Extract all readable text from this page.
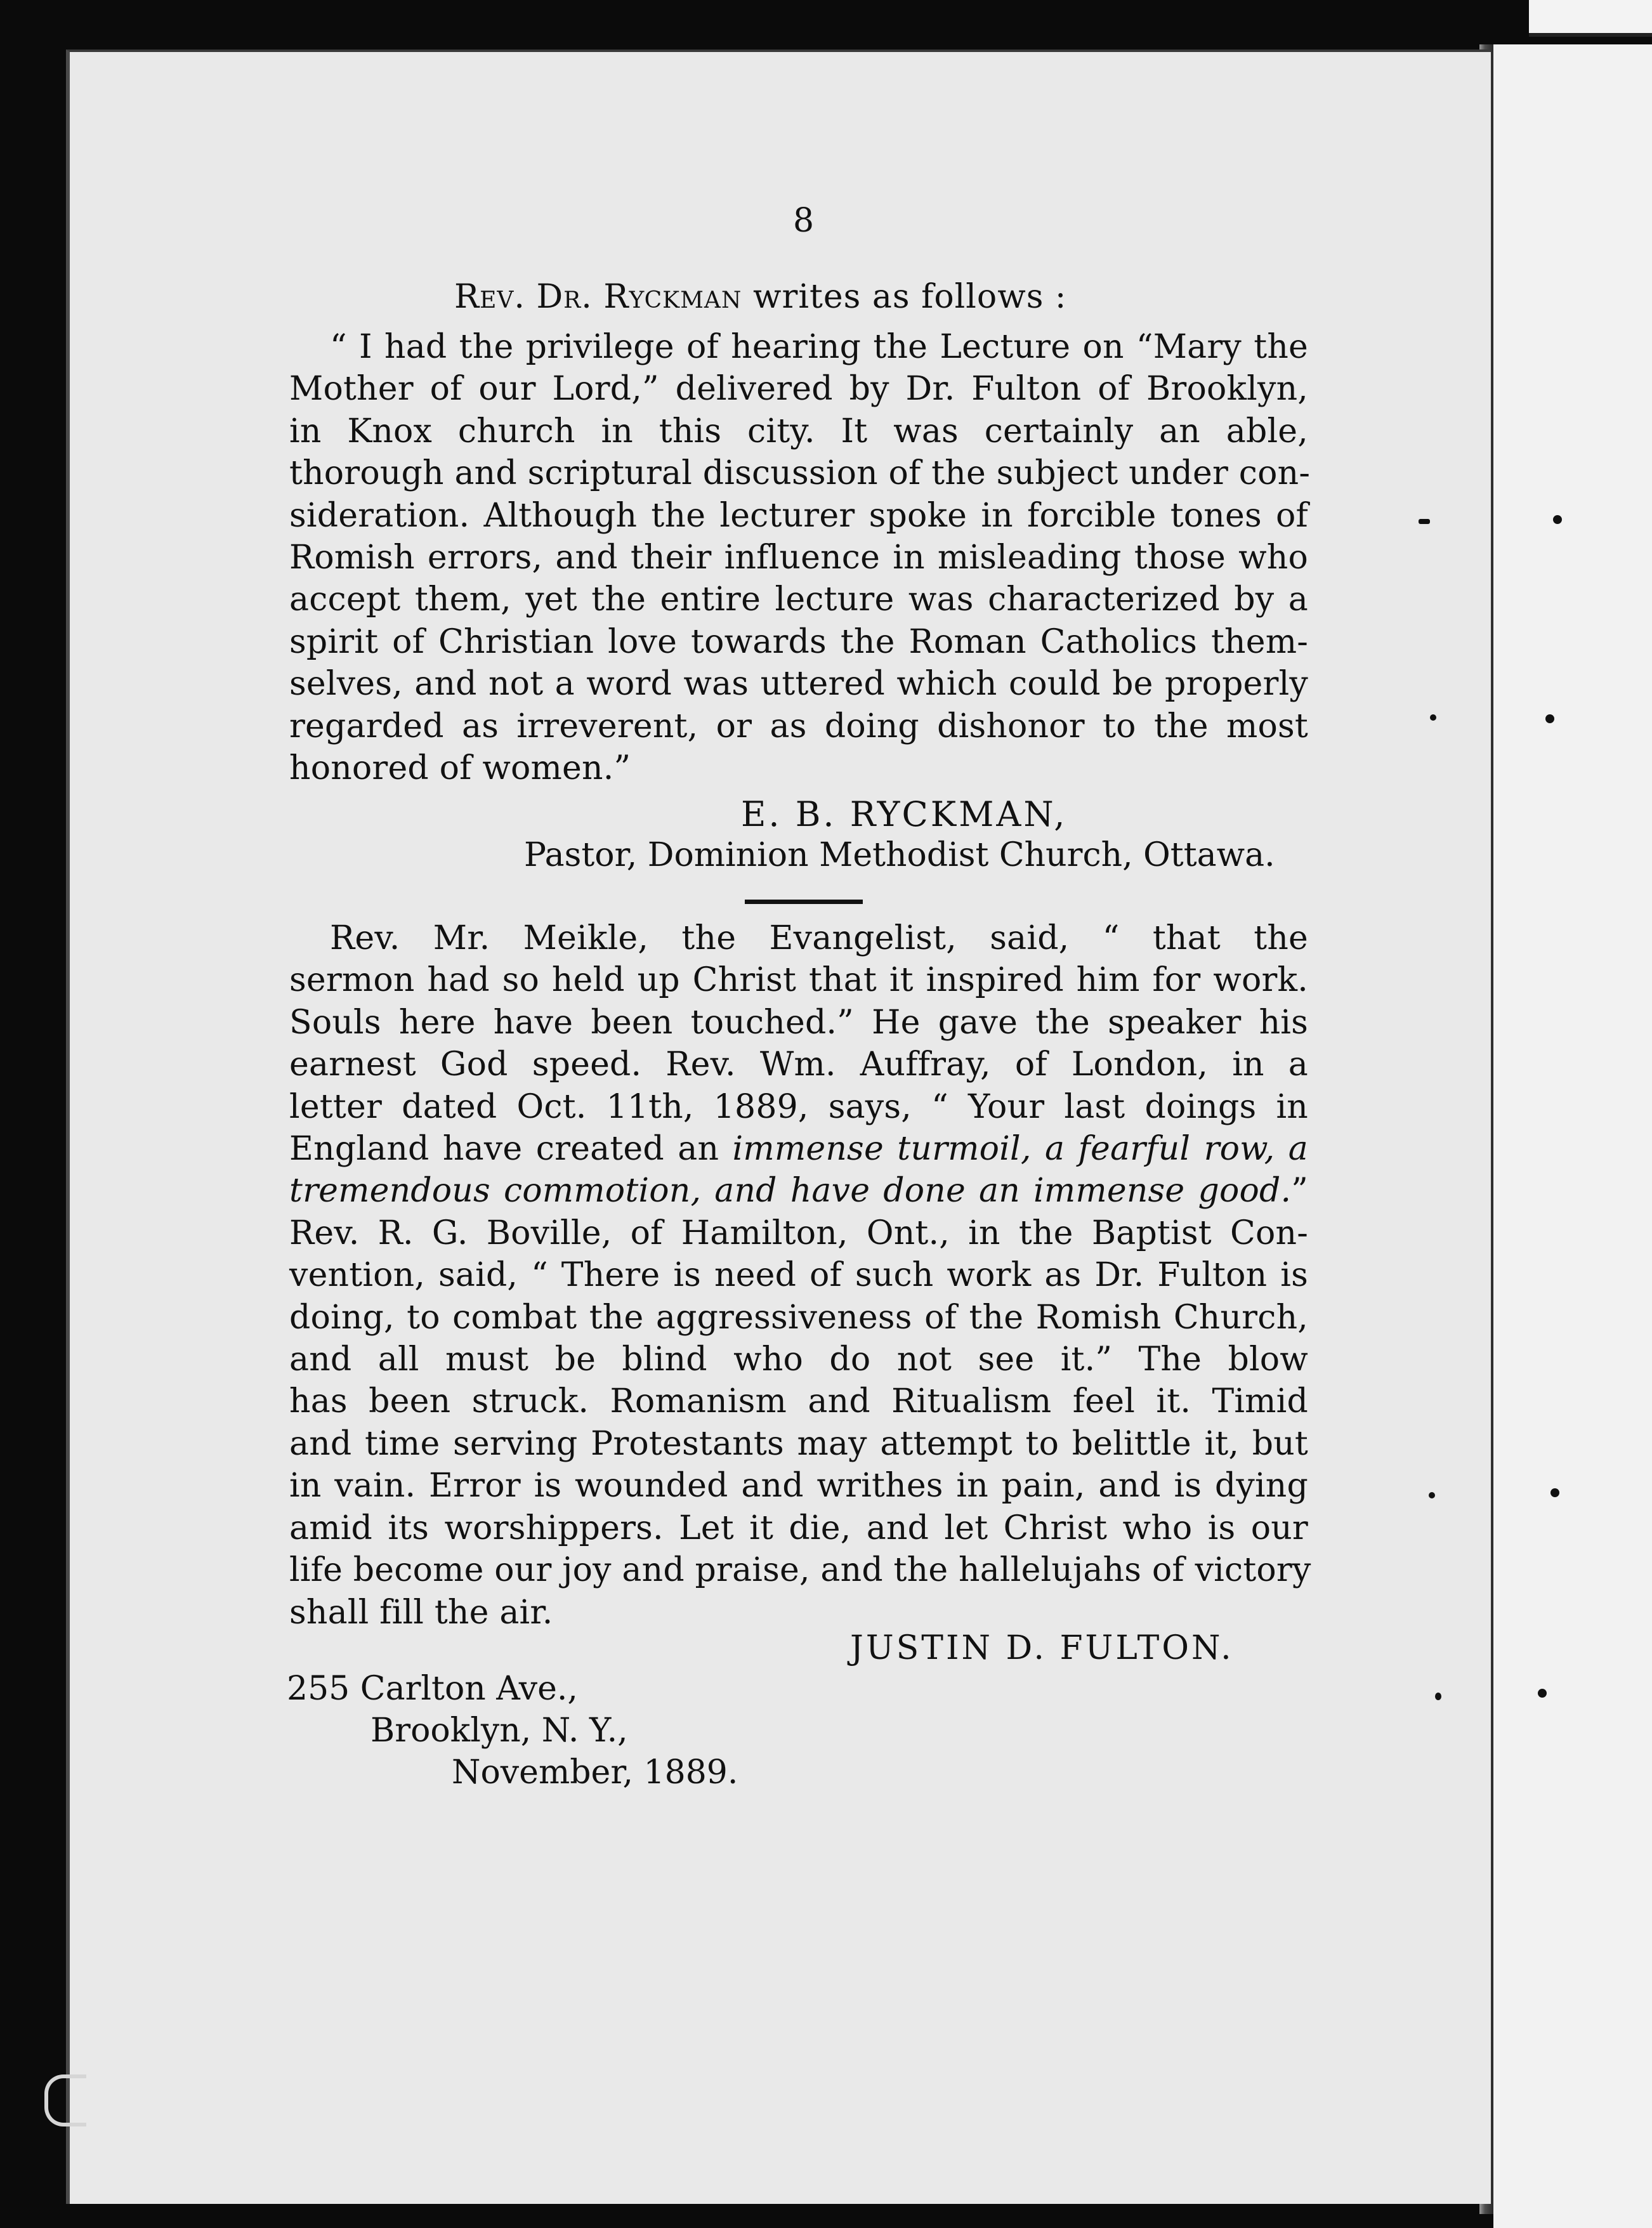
8
Rev. Dr. Ryckman writes as follows :
“ I had the privilege of hearing the Lecture on “Mary the
Mother of our Lord,” delivered by Dr. Fulton of Brooklyn,
in Knox church in this city. It was certainly an able,
thorough and scriptural discussion of the subject under con-
sideration. Although the lecturer spoke in forcible tones of
Romish errors, and their influence in misleading those who
accept them, yet the entire lecture was characterized by a
spirit of Christian love towards the Roman Catholics them-
selves, and not a word was uttered which could be properly
regarded as irreverent, or as doing dishonor to the most
honored of women.”
E. B. RYCKMAN,
Pastor, Dominion Methodist Church, Ottawa.
Rev. Mr. Meikle, the Evangelist, said, “ that the
sermon had so held up Christ that it inspired him for work.
Souls here have been touched.” He gave the speaker his
earnest God speed. Rev. Wm. Auffray, of London, in a
letter dated Oct. 11th, 1889, says, “ Your last doings in
England have created an immense turmoil, a fearful row, a
tremendous commotion, and have done an immense good.”
Rev. R. G. Boville, of Hamilton, Ont., in the Baptist Con-
vention, said, “ There is need of such work as Dr. Fulton is
doing, to combat the aggressiveness of the Romish Church,
and all must be blind who do not see it.” The blow
has been struck. Romanism and Ritualism feel it. Timid
and time serving Protestants may attempt to belittle it, but
in vain. Error is wounded and writhes in pain, and is dying
amid its worshippers. Let it die, and let Christ who is our
life become our joy and praise, and the hallelujahs of victory
shall fill the air.
JUSTIN D. FULTON.
255 Carlton Ave.,
Brooklyn, N. Y.,
November, 1889.
